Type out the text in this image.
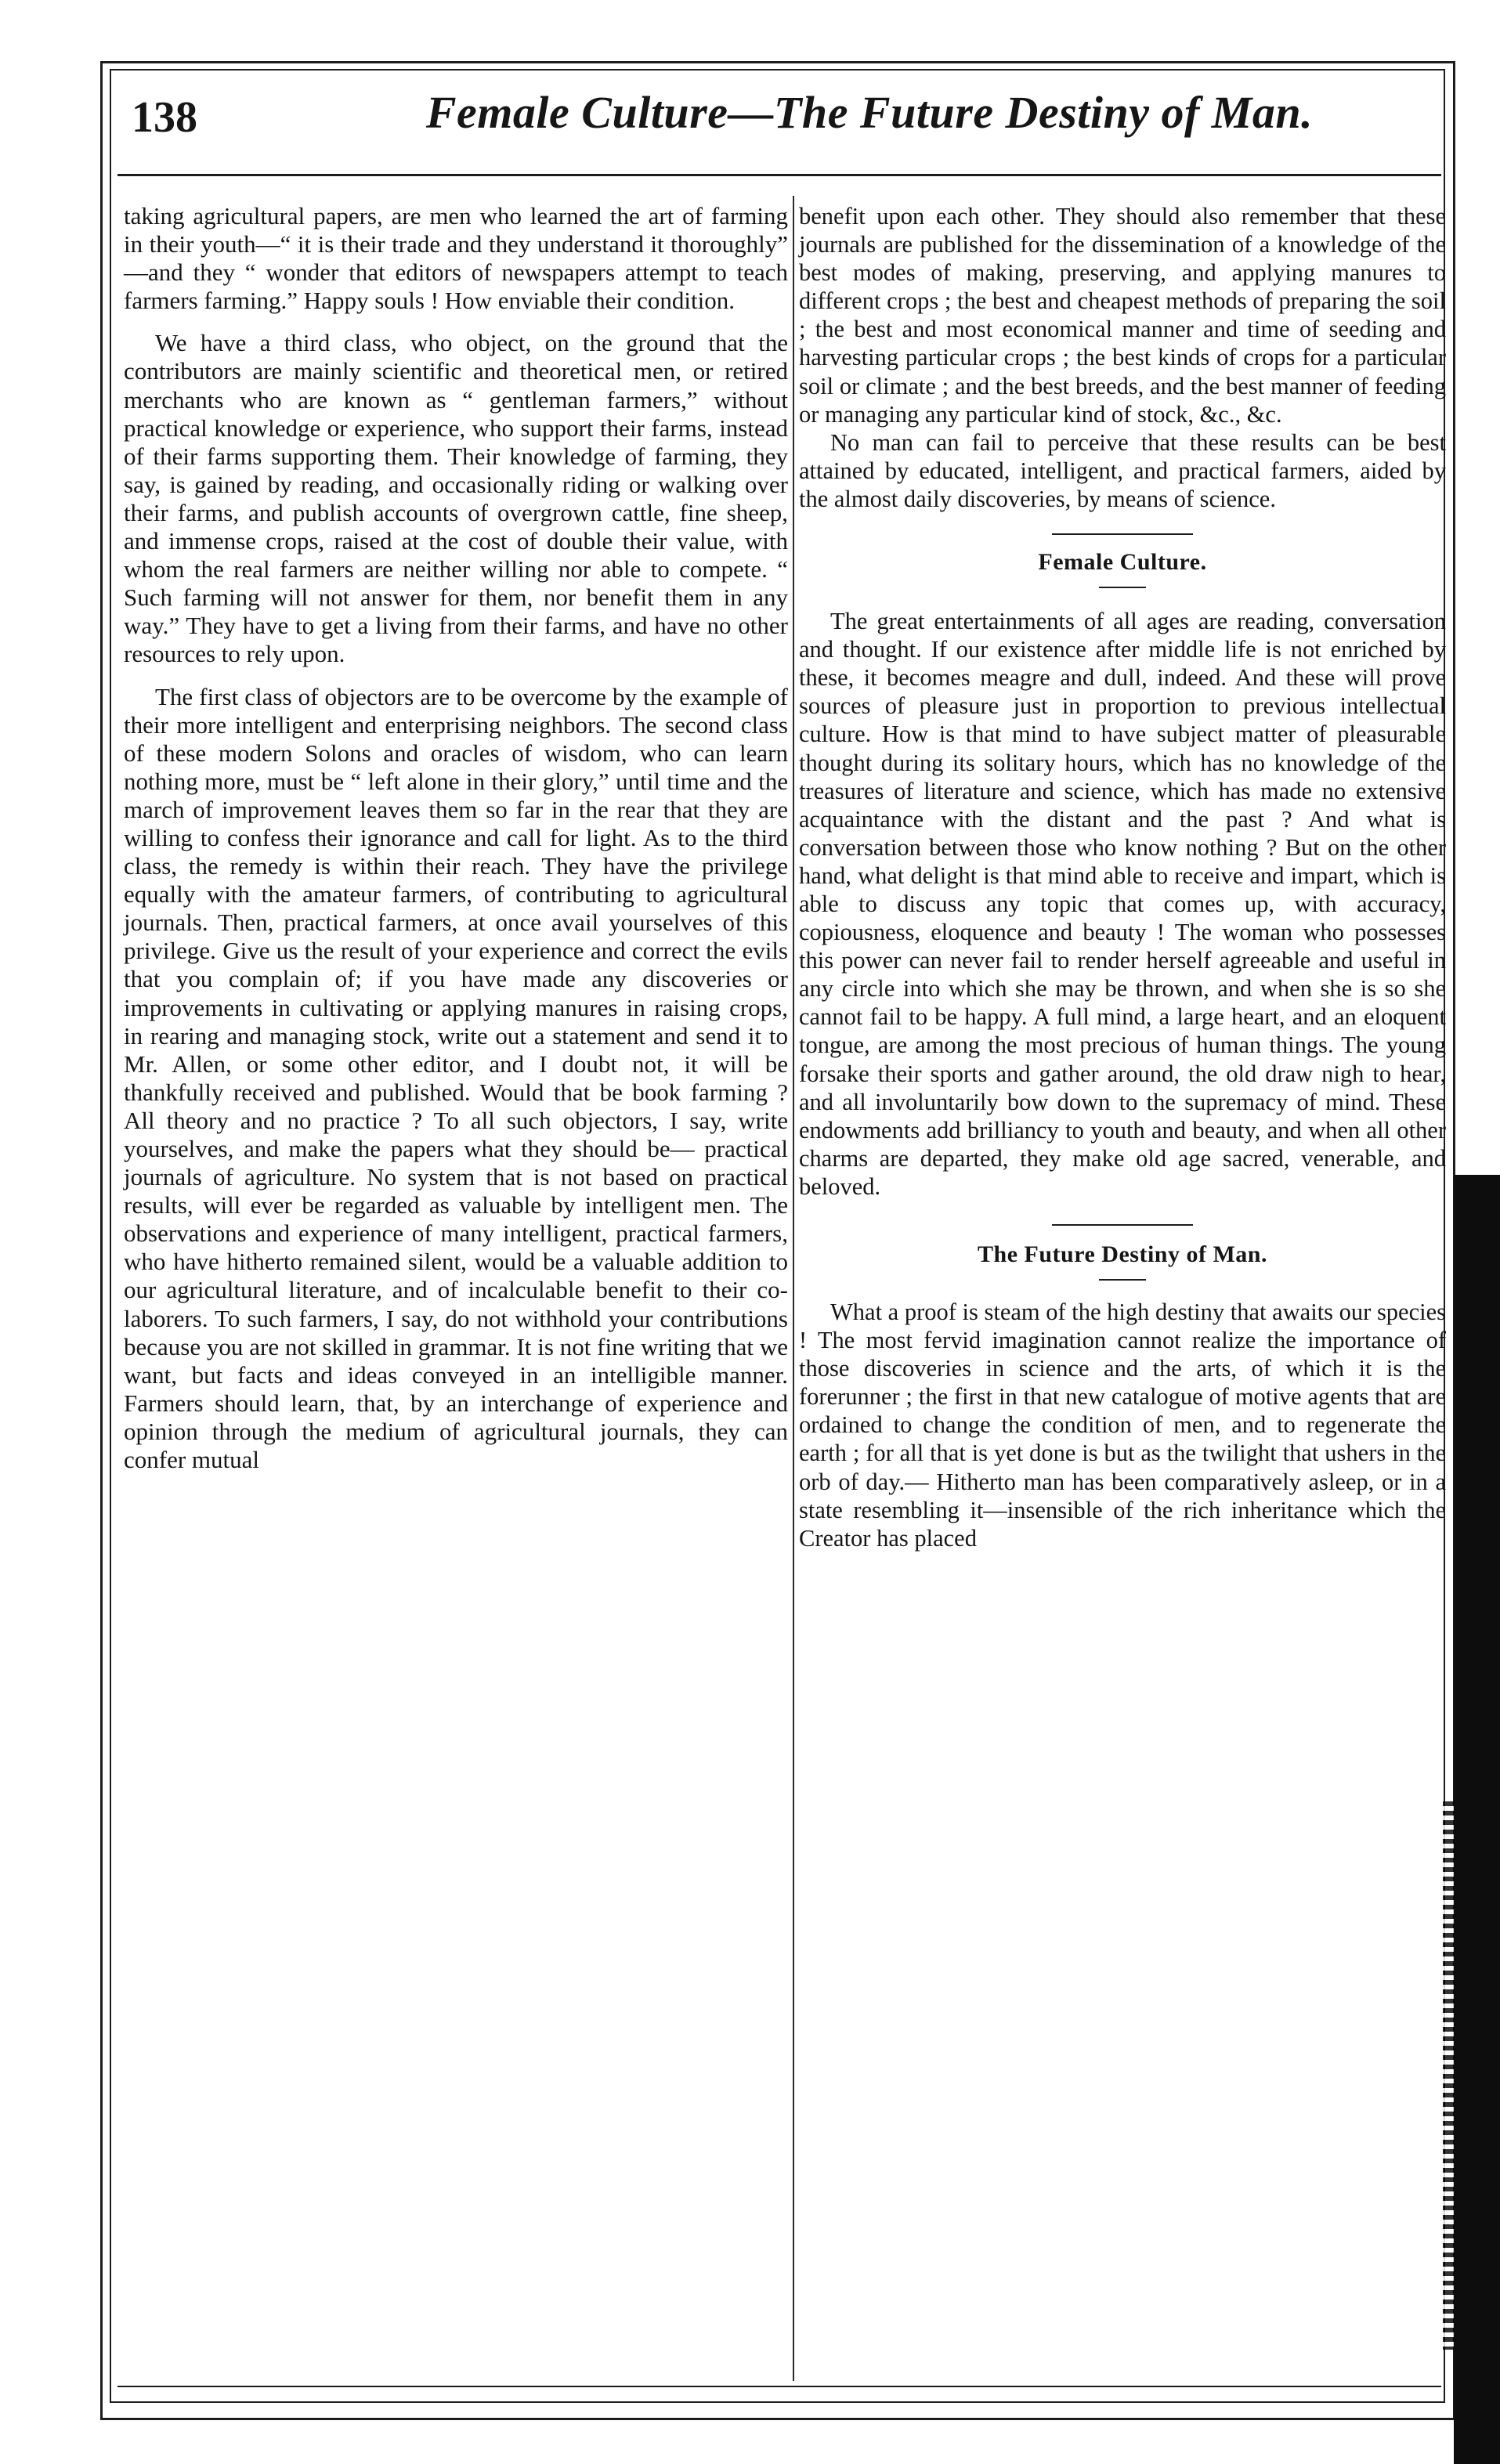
138	Female Culture—The Future Destiny of Man.

taking agricultural papers, are men who learned the art of farming in their youth—“ it is their trade and they understand it thoroughly” —and they “ wonder that editors of newspapers attempt to teach farmers farming.” Happy souls ! How enviable their condition.

We have a third class, who object, on the ground that the contributors are mainly scientific and theoretical men, or retired merchants who are known as “ gentleman farmers,” without practical knowledge or experience, who support their farms, instead of their farms supporting them. Their knowledge of farming, they say, is gained by reading, and occasionally riding or walking over their farms, and publish accounts of overgrown cattle, fine sheep, and immense crops, raised at the cost of double their value, with whom the real farmers are neither willing nor able to compete. “ Such farming will not answer for them, nor benefit them in any way.” They have to get a living from their farms, and have no other resources to rely upon.

The first class of objectors are to be overcome by the example of their more intelligent and enterprising neighbors. The second class of these modern Solons and oracles of wisdom, who can learn nothing more, must be “ left alone in their glory,” until time and the march of improvement leaves them so far in the rear that they are willing to confess their ignorance and call for light. As to the third class, the remedy is within their reach. They have the privilege equally with the amateur farmers, of contributing to agricultural journals. Then, practical farmers, at once avail yourselves of this privilege. Give us the result of your experience and correct the evils that you complain of; if you have made any discoveries or improvements in cultivating or applying manures in raising crops, in rearing and managing stock, write out a statement and send it to Mr. Allen, or some other editor, and I doubt not, it will be thankfully received and published. Would that be book farming ? All theory and no practice ? To all such objectors, I say, write yourselves, and make the papers what they should be— practical journals of agriculture. No system that is not based on practical results, will ever be regarded as valuable by intelligent men. The observations and experience of many intelligent, practical farmers, who have hitherto remained silent, would be a valuable addition to our agricultural literature, and of incalculable benefit to their co-laborers. To such farmers, I say, do not withhold your contributions because you are not skilled in grammar. It is not fine writing that we want, but facts and ideas conveyed in an intelligible manner. Farmers should learn, that, by an interchange of experience and opinion through the medium of agricultural journals, they can confer mutual

benefit upon each other. They should also remember that these journals are published for the dissemination of a knowledge of the best modes of making, preserving, and applying manures to different crops ; the best and cheapest methods of preparing the soil ; the best and most economical manner and time of seeding and harvesting particular crops ; the best kinds of crops for a particular soil or climate ; and the best breeds, and the best manner of feeding or managing any particular kind of stock, &c., &c.

No man can fail to perceive that these results can be best attained by educated, intelligent, and practical farmers, aided by the almost daily discoveries, by means of science.

Female Culture.

The great entertainments of all ages are reading, conversation and thought. If our existence after middle life is not enriched by these, it becomes meagre and dull, indeed. And these will prove sources of pleasure just in proportion to previous intellectual culture. How is that mind to have subject matter of pleasurable thought during its solitary hours, which has no knowledge of the treasures of literature and science, which has made no extensive acquaintance with the distant and the past ? And what is conversation between those who know nothing ? But on the other hand, what delight is that mind able to receive and impart, which is able to discuss any topic that comes up, with accuracy, copiousness, eloquence and beauty ! The woman who possesses this power can never fail to render herself agreeable and useful in any circle into which she may be thrown, and when she is so she cannot fail to be happy. A full mind, a large heart, and an eloquent tongue, are among the most precious of human things. The young forsake their sports and gather around, the old draw nigh to hear, and all involuntarily bow down to the supremacy of mind. These endowments add brilliancy to youth and beauty, and when all other charms are departed, they make old age sacred, venerable, and beloved.

The Future Destiny of Man.

What a proof is steam of the high destiny that awaits our species ! The most fervid imagination cannot realize the importance of those discoveries in science and the arts, of which it is the forerunner ; the first in that new catalogue of motive agents that are ordained to change the condition of men, and to regenerate the earth ; for all that is yet done is but as the twilight that ushers in the orb of day.— Hitherto man has been comparatively asleep, or in a state resembling it—insensible of the rich inheritance which the Creator has placed
